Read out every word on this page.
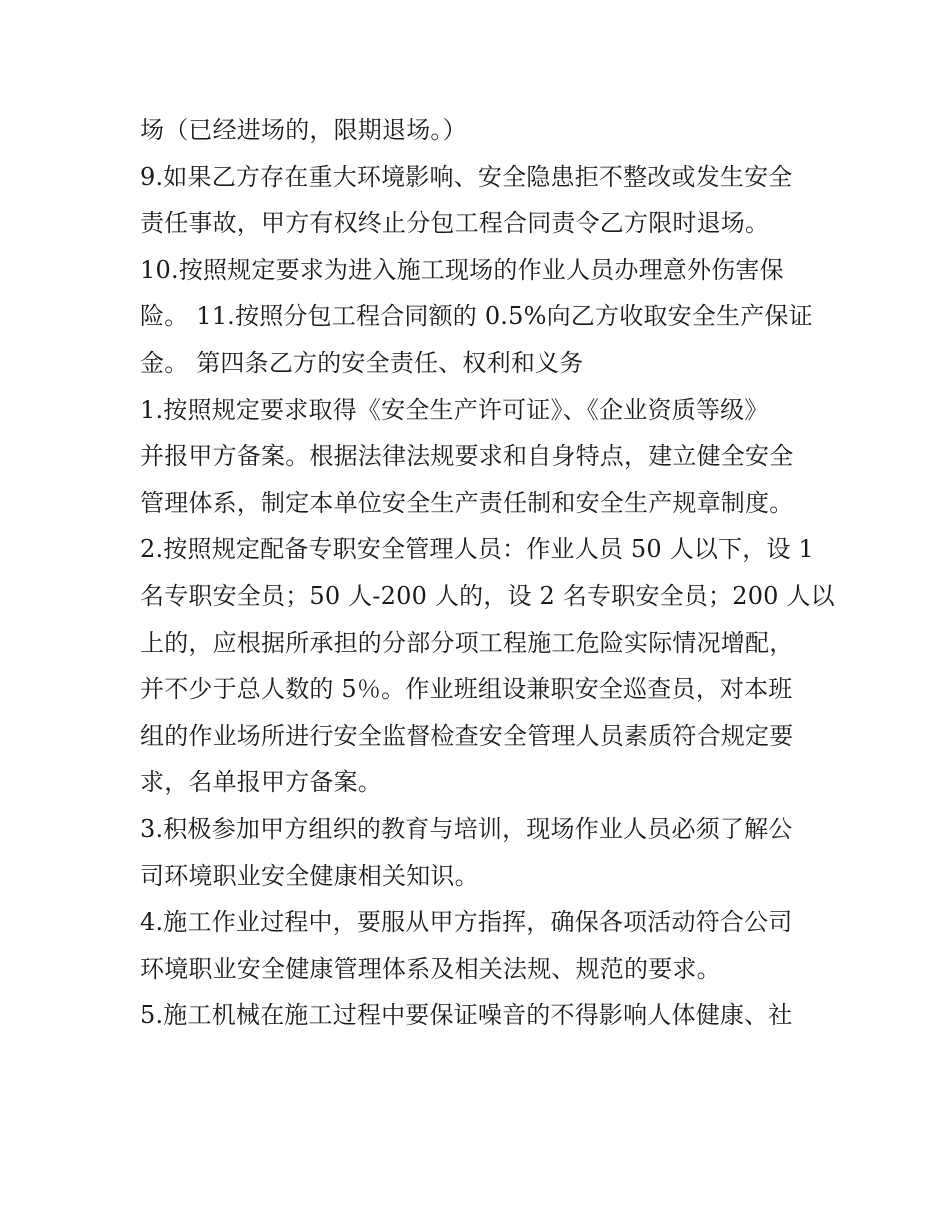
场（已经进场的，限期退场。）
9.如果乙方存在重大环境影响、安全隐患拒不整改或发生安全
责任事故，甲方有权终止分包工程合同责令乙方限时退场。
10.按照规定要求为进入施工现场的作业人员办理意外伤害保
险。 11.按照分包工程合同额的 0.5%向乙方收取安全生产保证
金。 第四条乙方的安全责任、权利和义务
1.按照规定要求取得《安全生产许可证》、《企业资质等级》
并报甲方备案。根据法律法规要求和自身特点，建立健全安全
管理体系，制定本单位安全生产责任制和安全生产规章制度。
2.按照规定配备专职安全管理人员：作业人员 50 人以下，设 1
名专职安全员；50 人-200 人的，设 2 名专职安全员；200 人以
上的，应根据所承担的分部分项工程施工危险实际情况增配，
并不少于总人数的 5％。作业班组设兼职安全巡查员，对本班
组的作业场所进行安全监督检查安全管理人员素质符合规定要
求，名单报甲方备案。
3.积极参加甲方组织的教育与培训，现场作业人员必须了解公
司环境职业安全健康相关知识。
4.施工作业过程中，要服从甲方指挥，确保各项活动符合公司
环境职业安全健康管理体系及相关法规、规范的要求。
5.施工机械在施工过程中要保证噪音的不得影响人体健康、社
